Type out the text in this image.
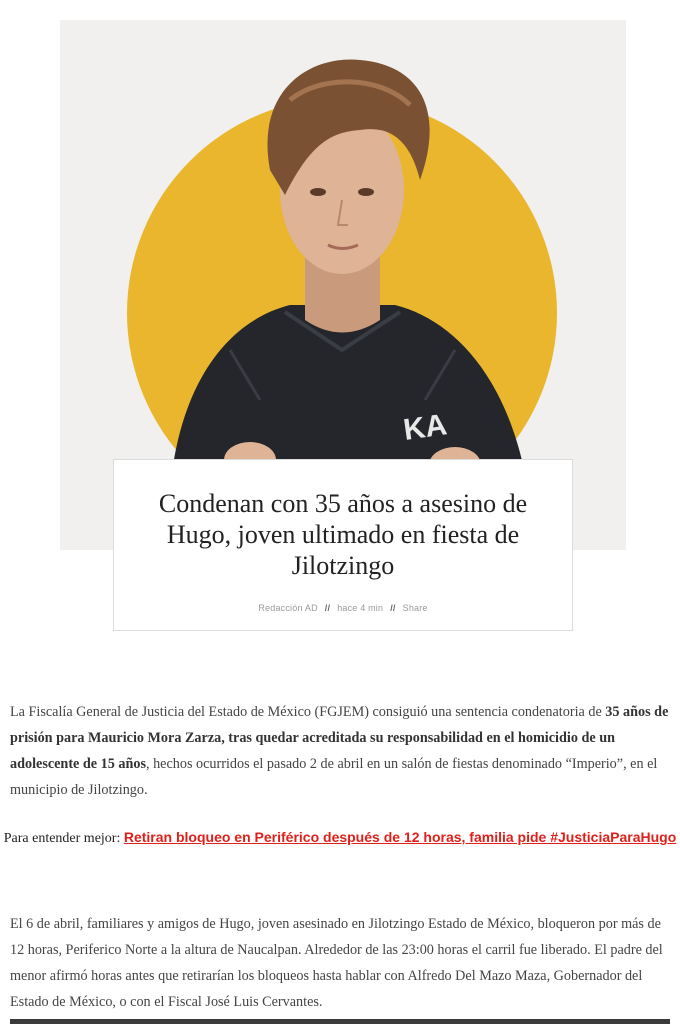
KA
Condenan con 35 años a asesino de Hugo, joven ultimado en fiesta de Jilotzingo
Redacción AD // hace 4 min // Share

La Fiscalía General de Justicia del Estado de México (FGJEM) consiguió una sentencia condenatoria de 35 años de prisión para Mauricio Mora Zarza, tras quedar acreditada su responsabilidad en el homicidio de un adolescente de 15 años, hechos ocurridos el pasado 2 de abril en un salón de fiestas denominado “Imperio”, en el municipio de Jilotzingo.

Para entender mejor: Retiran bloqueo en Periférico después de 12 horas, familia pide #JusticiaParaHugo

El 6 de abril, familiares y amigos de Hugo, joven asesinado en Jilotzingo Estado de México, bloqueron por más de 12 horas, Periferico Norte a la altura de Naucalpan. Alrededor de las 23:00 horas el carril fue liberado. El padre del menor afirmó horas antes que retirarían los bloqueos hasta hablar con Alfredo Del Mazo Maza, Gobernador del Estado de México, o con el Fiscal José Luis Cervantes.
